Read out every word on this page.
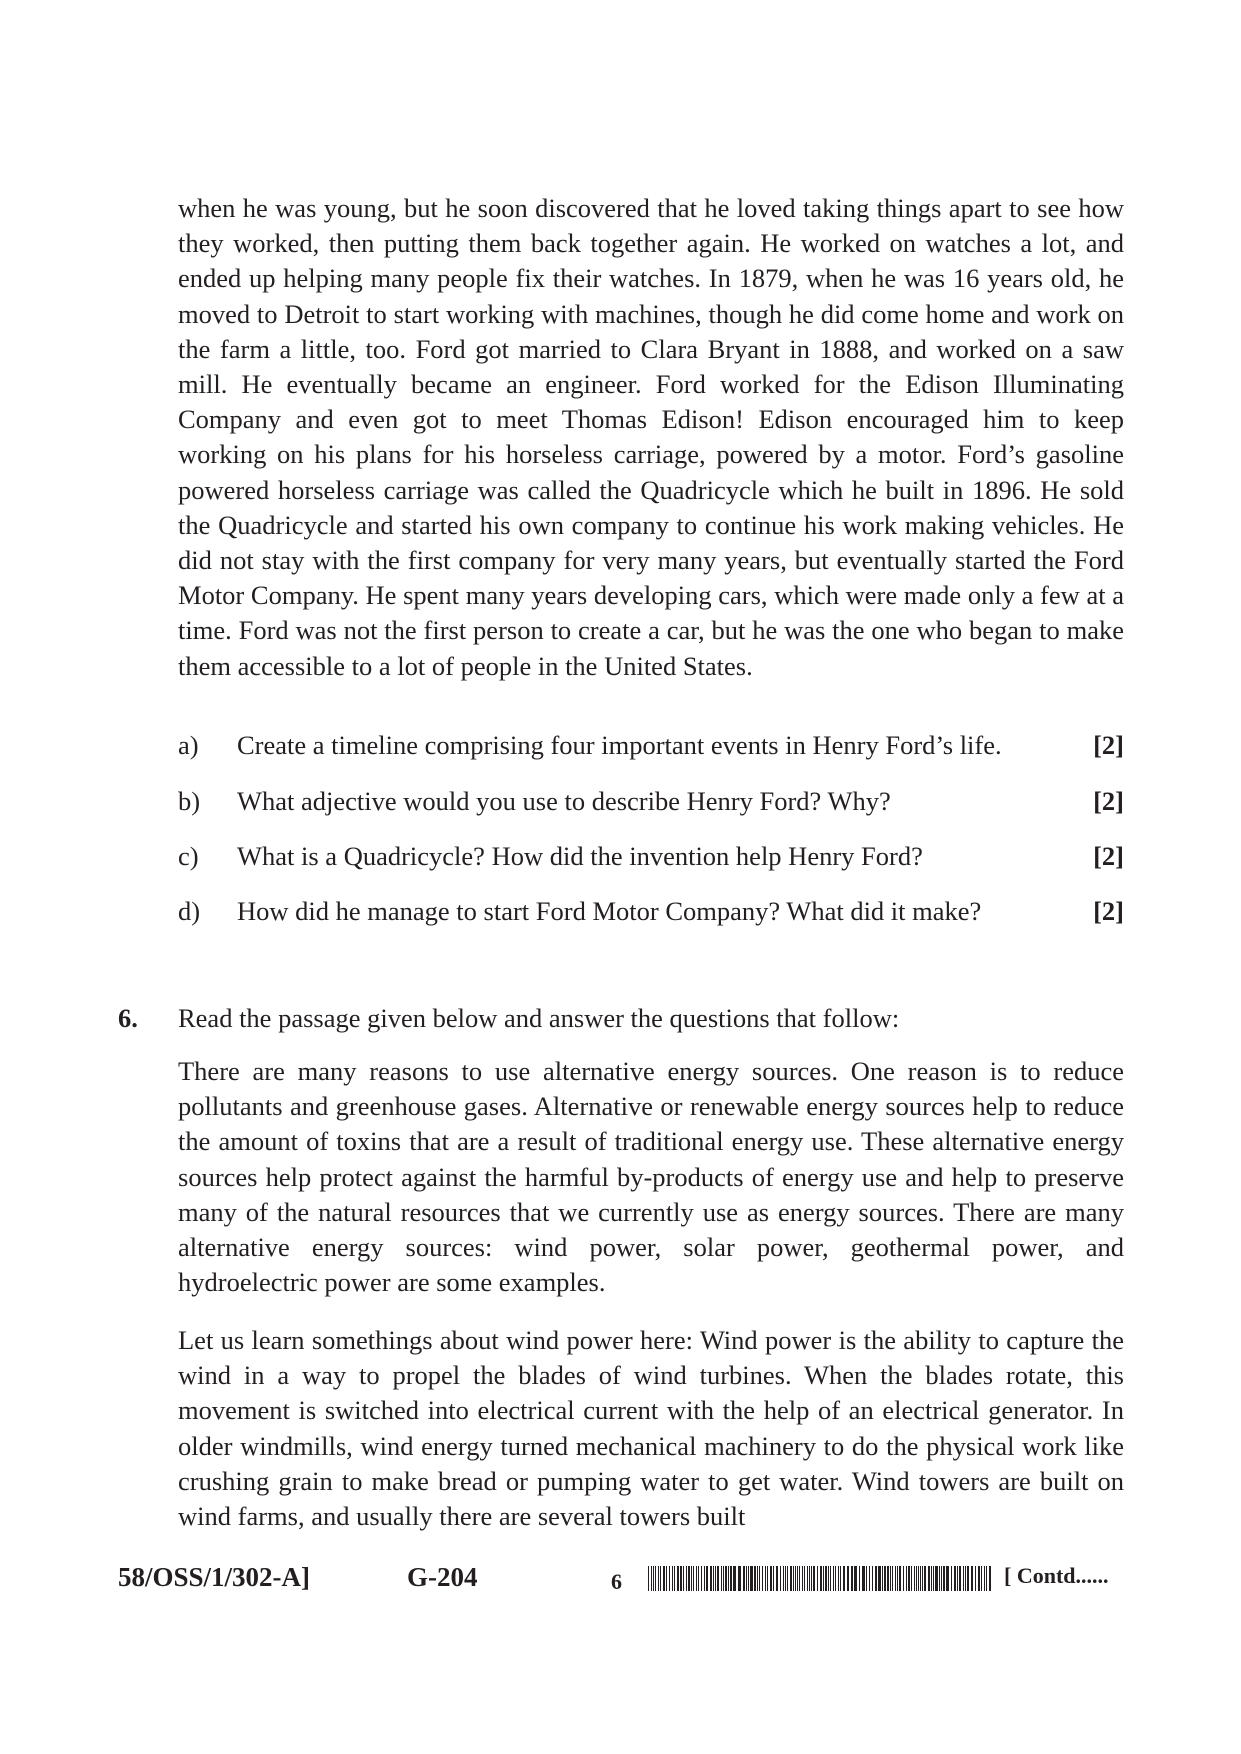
when he was young, but he soon discovered that he loved taking things apart to see how they worked, then putting them back together again. He worked on watches a lot, and ended up helping many people fix their watches. In 1879, when he was 16 years old, he moved to Detroit to start working with machines, though he did come home and work on the farm a little, too. Ford got married to Clara Bryant in 1888, and worked on a saw mill. He eventually became an engineer. Ford worked for the Edison Illuminating Company and even got to meet Thomas Edison! Edison encouraged him to keep working on his plans for his horseless carriage, powered by a motor. Ford’s gasoline powered horseless carriage was called the Quadricycle which he built in 1896. He sold the Quadricycle and started his own company to continue his work making vehicles. He did not stay with the first company for very many years, but eventually started the Ford Motor Company. He spent many years developing cars, which were made only a few at a time. Ford was not the first person to create a car, but he was the one who began to make them accessible to a lot of people in the United States.

a) Create a timeline comprising four important events in Henry Ford’s life.	[2]
b) What adjective would you use to describe Henry Ford? Why?	[2]
c) What is a Quadricycle? How did the invention help Henry Ford?	[2]
d) How did he manage to start Ford Motor Company? What did it make?	[2]
6. Read the passage given below and answer the questions that follow:

There are many reasons to use alternative energy sources. One reason is to reduce pollutants and greenhouse gases. Alternative or renewable energy sources help to reduce the amount of toxins that are a result of traditional energy use. These alternative energy sources help protect against the harmful by-products of energy use and help to preserve many of the natural resources that we currently use as energy sources. There are many alternative energy sources: wind power, solar power, geothermal power, and hydroelectric power are some examples.

Let us learn somethings about wind power here: Wind power is the ability to capture the wind in a way to propel the blades of wind turbines. When the blades rotate, this movement is switched into electrical current with the help of an electrical generator. In older windmills, wind energy turned mechanical machinery to do the physical work like crushing grain to make bread or pumping water to get water. Wind towers are built on wind farms, and usually there are several towers built

58/OSS/1/302-A]	G-204	6	[ Contd......
